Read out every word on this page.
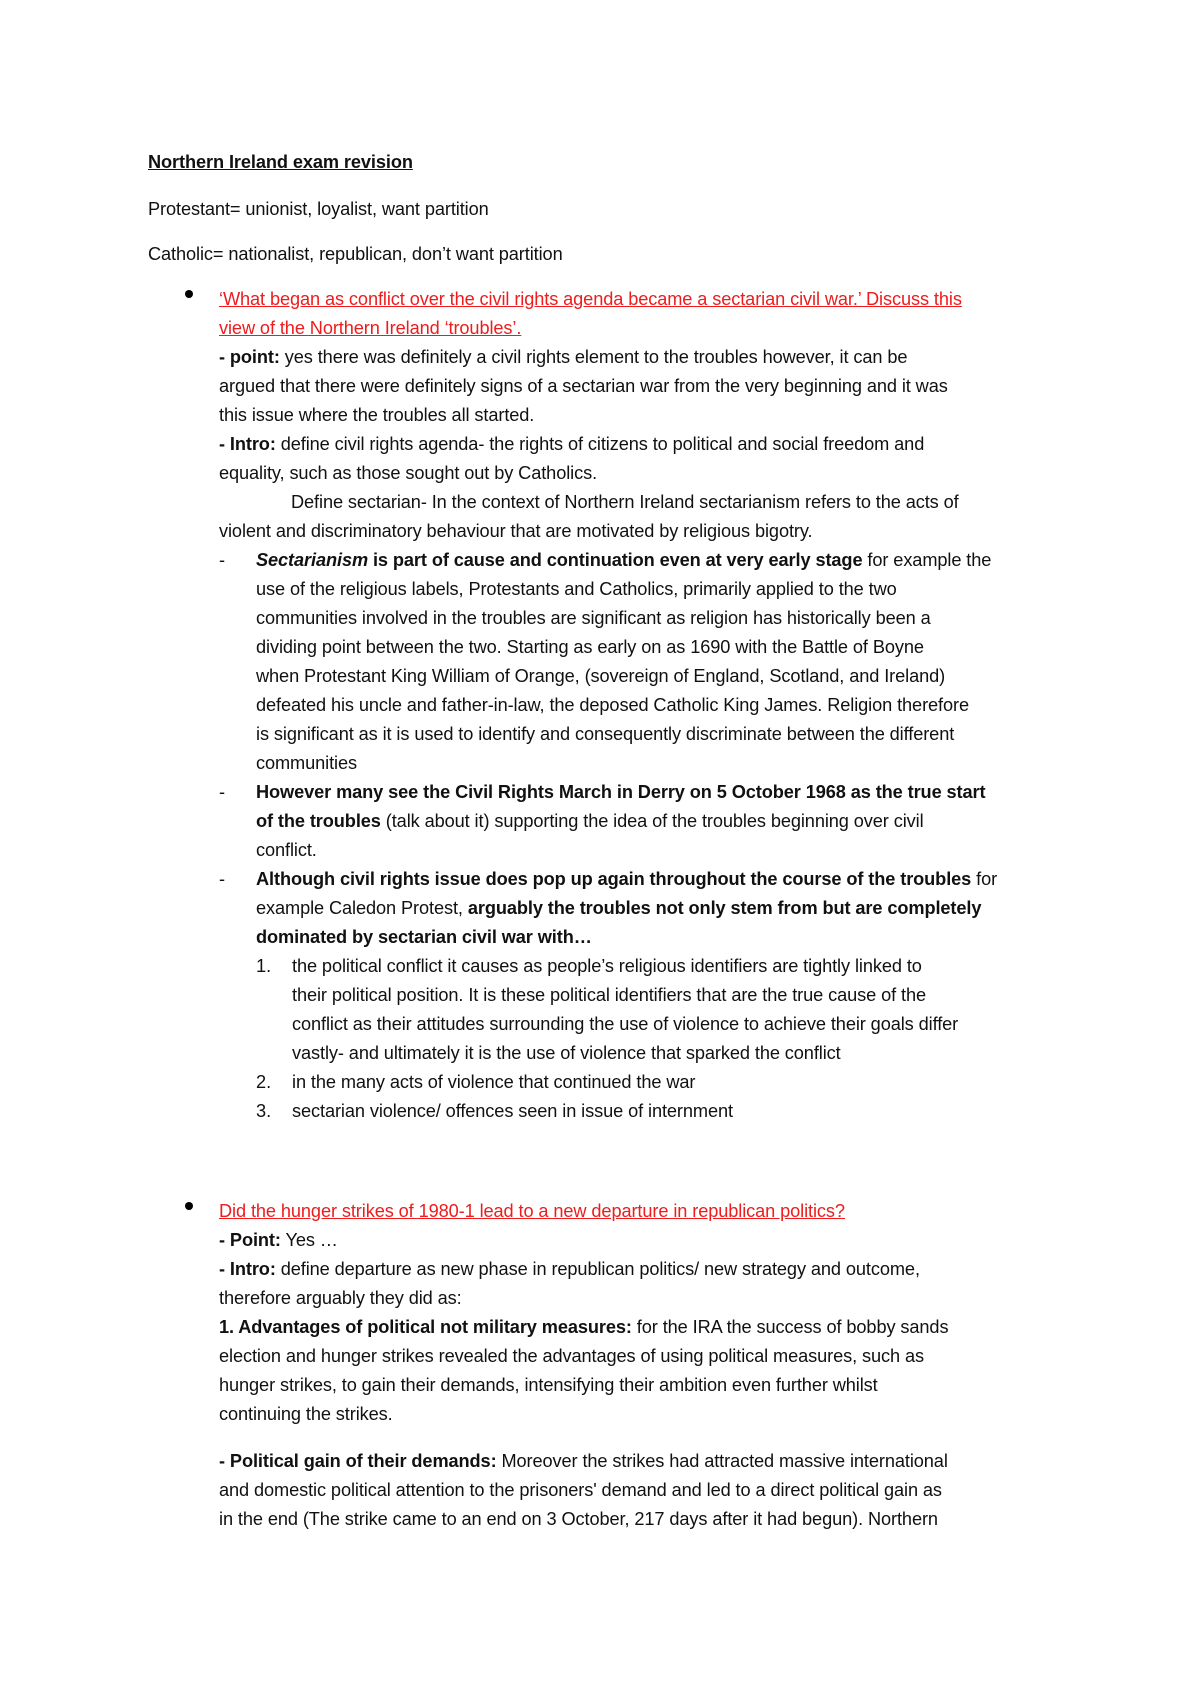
Northern Ireland exam revision
Protestant= unionist, loyalist, want partition
Catholic= nationalist, republican, don’t want partition
‘What began as conflict over the civil rights agenda became a sectarian civil war.’ Discuss this
view of the Northern Ireland ‘troubles’.
- point: yes there was definitely a civil rights element to the troubles however, it can be
argued that there were definitely signs of a sectarian war from the very beginning and it was
this issue where the troubles all started.
- Intro: define civil rights agenda- the rights of citizens to political and social freedom and
equality, such as those sought out by Catholics.
Define sectarian- In the context of Northern Ireland sectarianism refers to the acts of
violent and discriminatory behaviour that are motivated by religious bigotry.
- Sectarianism is part of cause and continuation even at very early stage for example the
use of the religious labels, Protestants and Catholics, primarily applied to the two
communities involved in the troubles are significant as religion has historically been a
dividing point between the two. Starting as early on as 1690 with the Battle of Boyne
when Protestant King William of Orange, (sovereign of England, Scotland, and Ireland)
defeated his uncle and father-in-law, the deposed Catholic King James. Religion therefore
is significant as it is used to identify and consequently discriminate between the different
communities
- However many see the Civil Rights March in Derry on 5 October 1968 as the true start
of the troubles (talk about it) supporting the idea of the troubles beginning over civil
conflict.
- Although civil rights issue does pop up again throughout the course of the troubles for
example Caledon Protest, arguably the troubles not only stem from but are completely
dominated by sectarian civil war with…
1. the political conflict it causes as people’s religious identifiers are tightly linked to
their political position. It is these political identifiers that are the true cause of the
conflict as their attitudes surrounding the use of violence to achieve their goals differ
vastly- and ultimately it is the use of violence that sparked the conflict
2. in the many acts of violence that continued the war
3. sectarian violence/ offences seen in issue of internment
Did the hunger strikes of 1980-1 lead to a new departure in republican politics?
- Point: Yes …
- Intro: define departure as new phase in republican politics/ new strategy and outcome,
therefore arguably they did as:
1. Advantages of political not military measures: for the IRA the success of bobby sands
election and hunger strikes revealed the advantages of using political measures, such as
hunger strikes, to gain their demands, intensifying their ambition even further whilst
continuing the strikes.
- Political gain of their demands: Moreover the strikes had attracted massive international
and domestic political attention to the prisoners' demand and led to a direct political gain as
in the end (The strike came to an end on 3 October, 217 days after it had begun). Northern
